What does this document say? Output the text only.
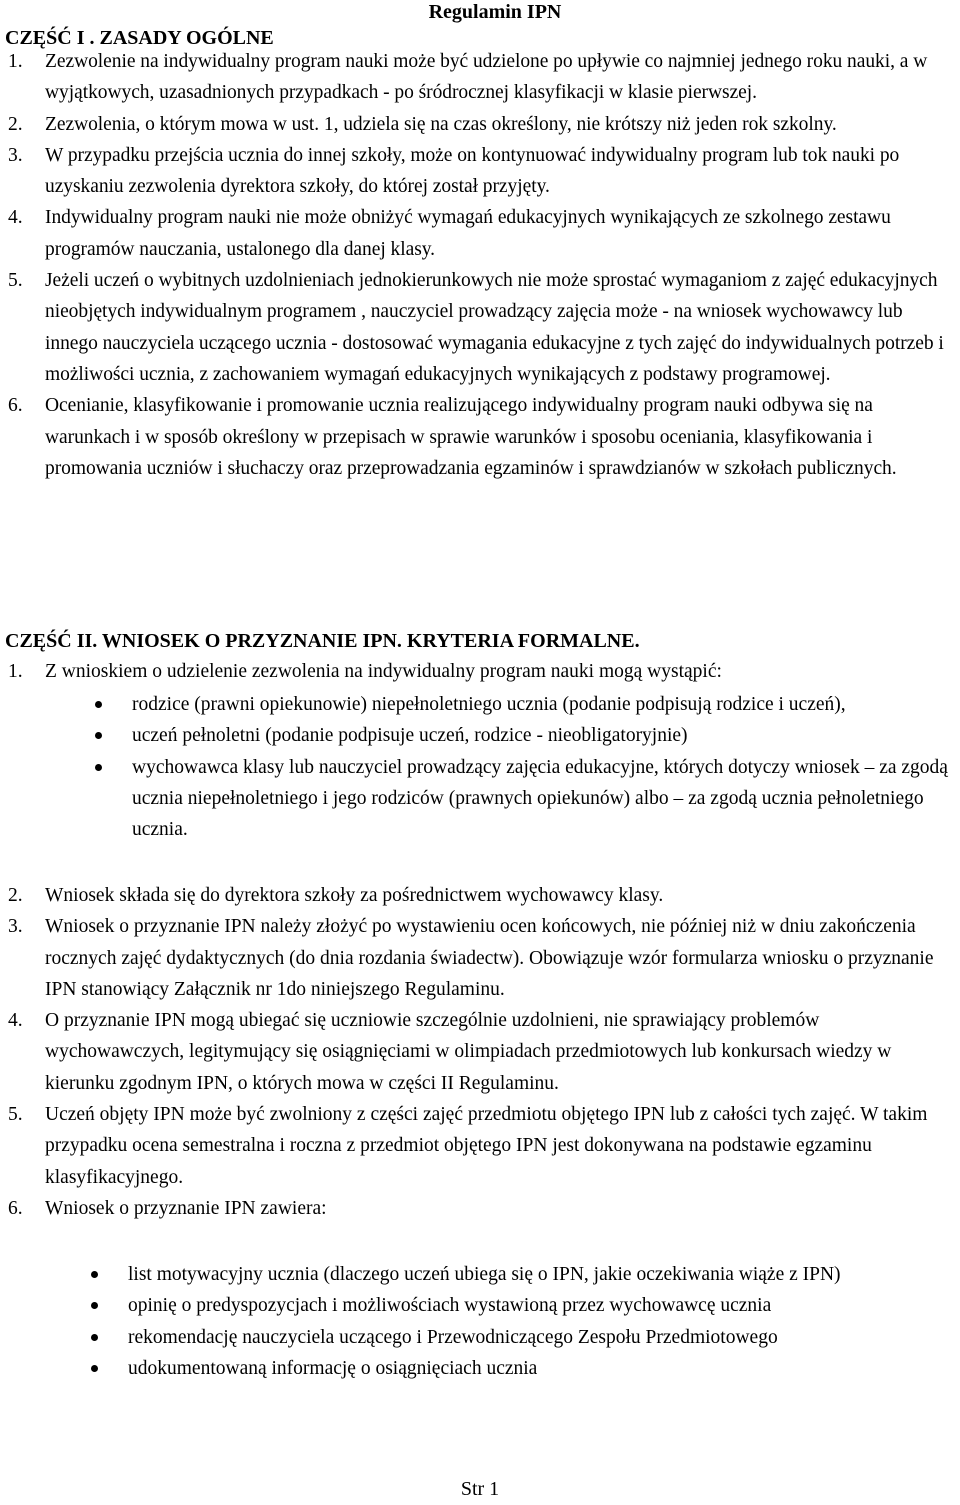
Regulamin IPN
CZĘŚĆ I . ZASADY OGÓLNE
1. Zezwolenie na indywidualny program nauki może być udzielone po upływie co najmniej jednego roku nauki, a w wyjątkowych, uzasadnionych przypadkach - po śródrocznej klasyfikacji w klasie pierwszej.
2. Zezwolenia, o którym mowa w ust. 1, udziela się na czas określony, nie krótszy niż jeden rok szkolny.
3. W przypadku przejścia ucznia do innej szkoły, może on kontynuować indywidualny program lub tok nauki po uzyskaniu zezwolenia dyrektora szkoły, do której został przyjęty.
4. Indywidualny program nauki nie może obniżyć wymagań edukacyjnych wynikających ze szkolnego zestawu programów nauczania, ustalonego dla danej klasy.
5. Jeżeli uczeń o wybitnych uzdolnieniach jednokierunkowych nie może sprostać wymaganiom z zajęć edukacyjnych nieobjętych indywidualnym programem , nauczyciel prowadzący zajęcia może - na wniosek wychowawcy lub innego nauczyciela uczącego ucznia - dostosować wymagania edukacyjne z tych zajęć do indywidualnych potrzeb i możliwości ucznia, z zachowaniem wymagań edukacyjnych wynikających z podstawy programowej.
6. Ocenianie, klasyfikowanie i promowanie ucznia realizującego indywidualny program nauki odbywa się na warunkach i w sposób określony w przepisach w sprawie warunków i sposobu oceniania, klasyfikowania i promowania uczniów i słuchaczy oraz przeprowadzania egzaminów i sprawdzianów w szkołach publicznych.
CZĘŚĆ II. WNIOSEK O PRZYZNANIE IPN. KRYTERIA FORMALNE.
1. Z wnioskiem o udzielenie zezwolenia na indywidualny program nauki mogą wystąpić:
rodzice (prawni opiekunowie) niepełnoletniego ucznia (podanie podpisują rodzice i uczeń),
uczeń pełnoletni (podanie podpisuje uczeń, rodzice - nieobligatoryjnie)
wychowawca klasy lub nauczyciel prowadzący zajęcia edukacyjne, których dotyczy wniosek – za zgodą ucznia niepełnoletniego i jego rodziców (prawnych opiekunów) albo – za zgodą ucznia pełnoletniego ucznia.
2. Wniosek składa się do dyrektora szkoły za pośrednictwem wychowawcy klasy.
3. Wniosek o przyznanie IPN należy złożyć po wystawieniu ocen końcowych, nie później niż w dniu zakończenia rocznych zajęć dydaktycznych (do dnia rozdania świadectw). Obowiązuje wzór formularza wniosku o przyznanie IPN stanowiący Załącznik nr 1do niniejszego Regulaminu.
4. O przyznanie IPN mogą ubiegać się uczniowie szczególnie uzdolnieni, nie sprawiający problemów wychowawczych, legitymujący się osiągnięciami w olimpiadach przedmiotowych lub konkursach wiedzy w kierunku zgodnym IPN, o których mowa w części II Regulaminu.
5. Uczeń objęty IPN może być zwolniony z części zajęć przedmiotu objętego IPN lub z całości tych zajęć. W takim przypadku ocena semestralna i roczna z przedmiot objętego IPN jest dokonywana na podstawie egzaminu klasyfikacyjnego.
6. Wniosek o przyznanie IPN zawiera:
list motywacyjny ucznia (dlaczego uczeń ubiega się o IPN, jakie oczekiwania wiąże z IPN)
opinię o predyspozycjach i możliwościach wystawioną przez wychowawcę ucznia
rekomendację nauczyciela uczącego i Przewodniczącego Zespołu Przedmiotowego
udokumentowaną informację o osiągnięciach ucznia
Str 1
